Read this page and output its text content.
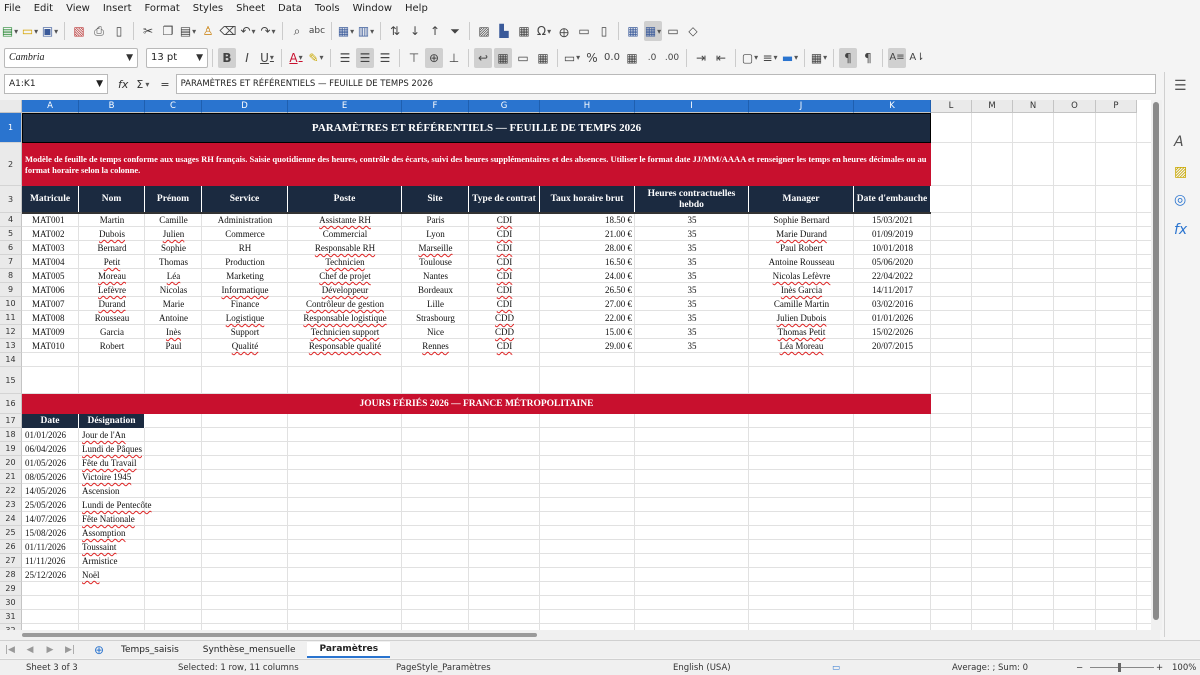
File Edit View Insert Format Styles Sheet Data Tools Window Help
▤ ▾ ▭ ▾ ▣ ▾	▧ ⎙ ▯	✂ ❐ ▤ ▾ ♙ ⌫ ↶ ▾ ↷ ▾	⌕ abc ▦ ▾ ▥ ▾	⇅ ↓ ↑ ⏷	▨ ▙ ▦ Ω ▾	🜨 ▭ ▯	▦ ▦ ▾ ▭ ◇
Cambria	▼ 13 pt ▼	B	I U ▾	A ▾ ✎ ▾	☰ ☰ ☰	⊤ ⊕ ⊥	↩ ▦ ▭ ▦ ▭ ▾ % 0.0 ▦	.0 .00	⇥ ⇤	▢ ▾ ≡ ▾ ▬ ▾	▦ ▾	¶	¶	A≡ A⇂
A1:K1	▼ fx Σ
▾ = PARAMÈTRES ET RÉFÉRENTIELS — FEUILLE DE TEMPS 2026
A	B	C	D	E	F	G	H	I	J	K	L	M	N	O	P
1
2
3
4
5
6
7
8
9
10
11
12
13
14
15
16
17
18
19
20
21
22
23
24
25
26
27
28
29
30
31
PARAMÈTRES ET RÉFÉRENTIELS — FEUILLE DE TEMPS 2026
Modèle de feuille de temps conforme aux usages RH français. Saisie quotidienne des heures, contrôle des écarts, suivi des heures supplémentaires et des absences. Utiliser le format date JJ/MM/AAAA et renseigner les temps en heures décimales ou au format horaire selon la colonne.
Matricule	Nom	Prénom	Service	Poste	Site	Type de contrat	Taux horaire brut
Heures contractuelles hebdo
Manager	Date d'embauche
MAT001	Martin	Camille	Administration	Assistante RH	Paris	CDI	18.50 €	35	Sophie Bernard	15/03/2021
MAT002	Dubois	Julien	Commerce	Commercial	Lyon	CDI	21.00 €	35	Marie Durand	01/09/2019
MAT003	Bernard	Sophie	RH	Responsable RH	Marseille	CDI	28.00 €	35	Paul Robert	10/01/2018
MAT004	Petit	Thomas	Production	Technicien	Toulouse	CDI	16.50 €	35	Antoine Rousseau	05/06/2020
MAT005	Moreau	Léa	Marketing	Chef de projet	Nantes	CDI	24.00 €	35	Nicolas Lefèvre	22/04/2022
MAT006	Lefèvre	Nicolas	Informatique	Développeur	Bordeaux	CDI	26.50 €	35	Inès Garcia	14/11/2017
MAT007	Durand	Marie	Finance	Contrôleur de gestion	Lille	CDI	27.00 €	35	Camille Martin	03/02/2016
MAT008	Rousseau	Antoine	Logistique	Responsable logistique	Strasbourg	CDD	22.00 €	35	Julien Dubois	01/01/2026
MAT009	Garcia	Inès	Support	Technicien support	Nice	CDD	15.00 €	35	Thomas Petit	15/02/2026
MAT010	Robert	Paul	Qualité	Responsable qualité	Rennes	CDI	29.00 €	35	Léa Moreau	20/07/2015
JOURS FÉRIÉS 2026 — FRANCE MÉTROPOLITAINE
Date	Désignation
01/01/2026	Jour de l'An
06/04/2026	Lundi de Pâques
01/05/2026	Fête du Travail
08/05/2026	Victoire 1945
14/05/2026	Ascension
25/05/2026	Lundi de Pentecôte
14/07/2026	Fête Nationale
15/08/2026	Assomption
01/11/2026	Toussaint
11/11/2026	Armistice
25/12/2026	Noël
☰
A
▨
◎
fx
|◀	◀	▶	▶|	⊕	Temps_saisis	Synthèse_mensuelle	Paramètres
Sheet 3 of 3	Selected: 1 row, 11 columns	PageStyle_Paramètres	English (USA)	▭	Average: ; Sum: 0	−	+ 100%
